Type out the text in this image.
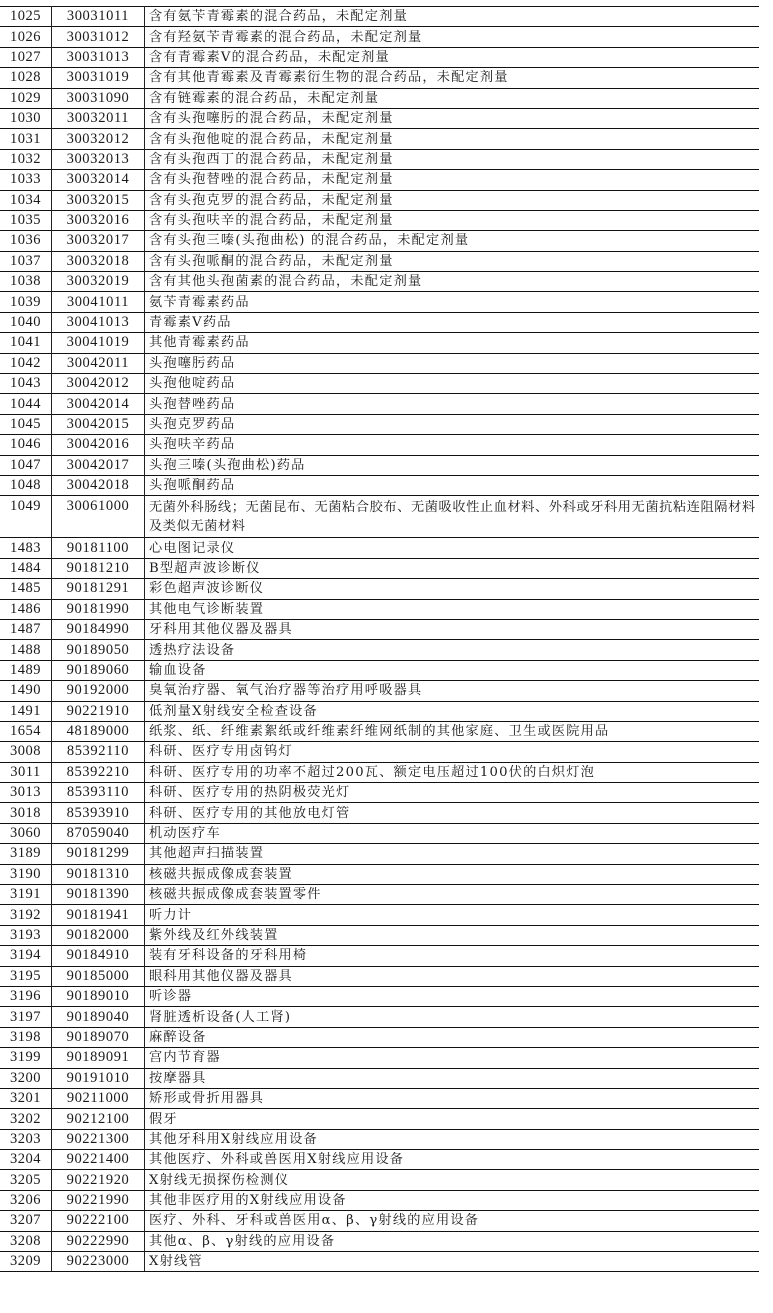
1025	30031011	含有氨苄青霉素的混合药品，未配定剂量
1026	30031012	含有羟氨苄青霉素的混合药品，未配定剂量
1027	30031013	含有青霉素V的混合药品，未配定剂量
1028	30031019	含有其他青霉素及青霉素衍生物的混合药品，未配定剂量
1029	30031090	含有链霉素的混合药品，未配定剂量
1030	30032011	含有头孢噻肟的混合药品，未配定剂量
1031	30032012	含有头孢他啶的混合药品，未配定剂量
1032	30032013	含有头孢西丁的混合药品，未配定剂量
1033	30032014	含有头孢替唑的混合药品，未配定剂量
1034	30032015	含有头孢克罗的混合药品，未配定剂量
1035	30032016	含有头孢呋辛的混合药品，未配定剂量
1036	30032017	含有头孢三嗪(头孢曲松) 的混合药品，未配定剂量
1037	30032018	含有头孢哌酮的混合药品，未配定剂量
1038	30032019	含有其他头孢菌素的混合药品，未配定剂量
1039	30041011	氨苄青霉素药品
1040	30041013	青霉素V药品
1041	30041019	其他青霉素药品
1042	30042011	头孢噻肟药品
1043	30042012	头孢他啶药品
1044	30042014	头孢替唑药品
1045	30042015	头孢克罗药品
1046	30042016	头孢呋辛药品
1047	30042017	头孢三嗪(头孢曲松)药品
1048	30042018	头孢哌酮药品
1049	30061000	无菌外科肠线；无菌昆布、无菌粘合胶布、无菌吸收性止血材料、外科或牙科用无菌抗粘连阻隔材料及类似无菌材料
1483	90181100	心电图记录仪
1484	90181210	B型超声波诊断仪
1485	90181291	彩色超声波诊断仪
1486	90181990	其他电气诊断装置
1487	90184990	牙科用其他仪器及器具
1488	90189050	透热疗法设备
1489	90189060	输血设备
1490	90192000	臭氧治疗器、氧气治疗器等治疗用呼吸器具
1491	90221910	低剂量X射线安全检查设备
1654	48189000	纸浆、纸、纤维素絮纸或纤维素纤维网纸制的其他家庭、卫生或医院用品
3008	85392110	科研、医疗专用卤钨灯
3011	85392210	科研、医疗专用的功率不超过200瓦、额定电压超过100伏的白炽灯泡
3013	85393110	科研、医疗专用的热阴极荧光灯
3018	85393910	科研、医疗专用的其他放电灯管
3060	87059040	机动医疗车
3189	90181299	其他超声扫描装置
3190	90181310	核磁共振成像成套装置
3191	90181390	核磁共振成像成套装置零件
3192	90181941	听力计
3193	90182000	紫外线及红外线装置
3194	90184910	装有牙科设备的牙科用椅
3195	90185000	眼科用其他仪器及器具
3196	90189010	听诊器
3197	90189040	肾脏透析设备(人工肾)
3198	90189070	麻醉设备
3199	90189091	宫内节育器
3200	90191010	按摩器具
3201	90211000	矫形或骨折用器具
3202	90212100	假牙
3203	90221300	其他牙科用X射线应用设备
3204	90221400	其他医疗、外科或兽医用X射线应用设备
3205	90221920	X射线无损探伤检测仪
3206	90221990	其他非医疗用的X射线应用设备
3207	90222100	医疗、外科、牙科或兽医用α、β、γ射线的应用设备
3208	90222990	其他α、β、γ射线的应用设备
3209	90223000	X射线管
